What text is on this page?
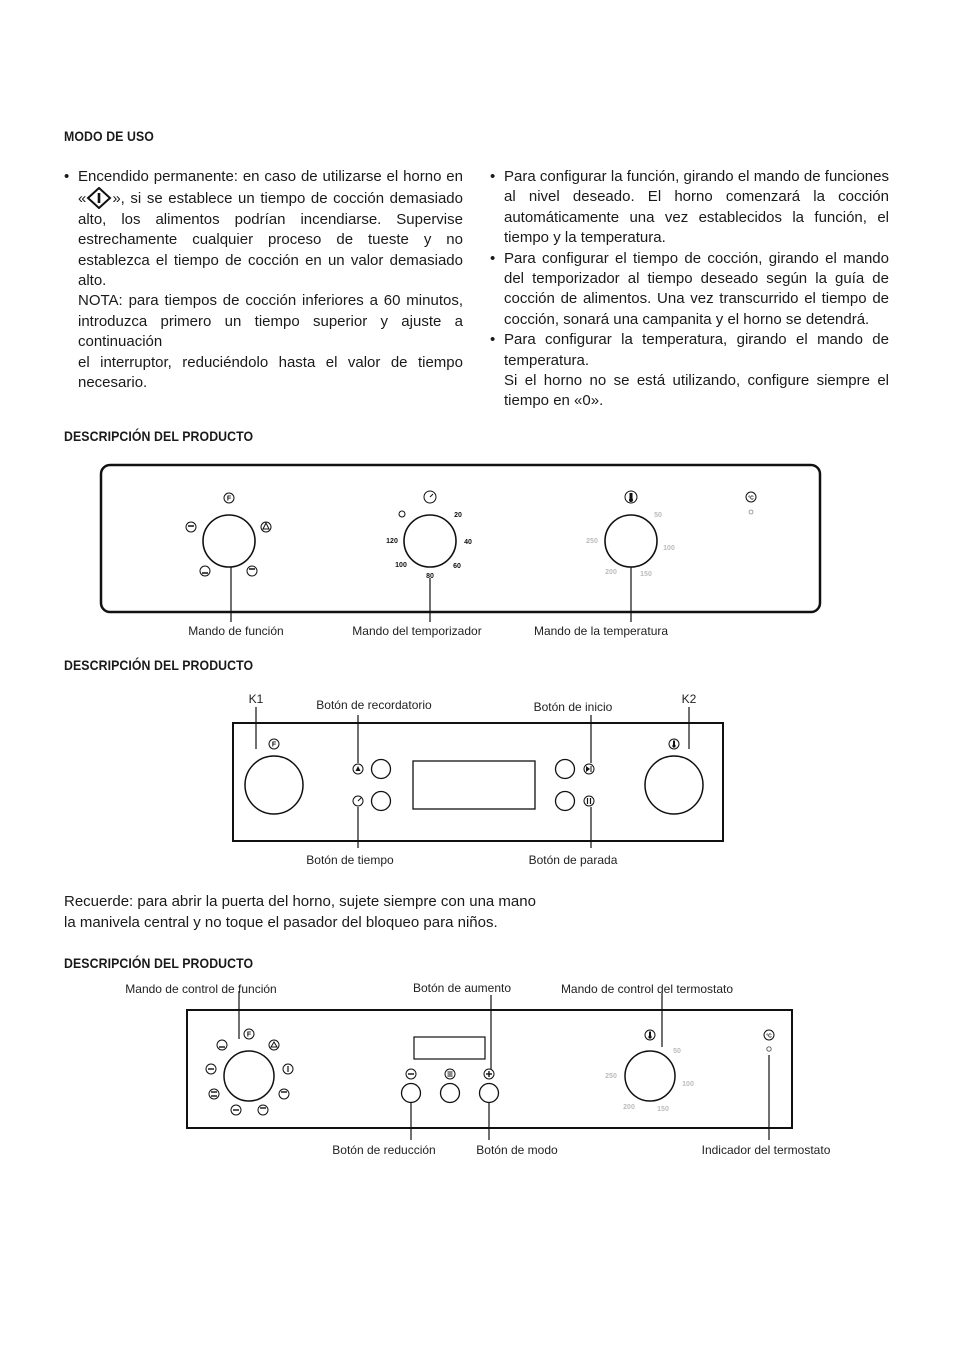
MODO DE USO
• Encendido permanente: en caso de utilizarse el horno en « », si se establece un tiempo de cocción demasiado alto, los alimentos podrían incendiarse. Supervise estrechamente cualquier proceso de tueste y no establezca el tiempo de cocción en un valor demasiado alto.

NOTA: para tiempos de cocción inferiores a 60 minutos, introduzca primero un tiempo superior y ajuste a continuación

el interruptor, reduciéndolo hasta el valor de tiempo necesario.

• Para configurar la función, girando el mando de funciones al nivel deseado. El horno comenzará la cocción automáticamente una vez establecidos la función, el tiempo y la temperatura.
• Para configurar el tiempo de cocción, girando el mando del temporizador al tiempo deseado según la guía de cocción de alimentos. Una vez transcurrido el tiempo de cocción, sonará una campanita y el horno se detendrá.
• Para configurar la temperatura, girando el mando de temperatura.

Si el horno no se está utilizando, configure siempre el tiempo en «0».

DESCRIPCIÓN DEL PRODUCTO
F
20
40
60
80
100
120
50
100
150
200
250
°C
Mando de función	Mando del temporizador	Mando de la temperatura
DESCRIPCIÓN DEL PRODUCTO
F
K1	Botón de recordatorio
Botón de tiempo
Botón de inicio
Botón de parada
K2
Recuerde: para abrir la puerta del horno, sujete siempre con una mano
la manivela central y no toque el pasador del bloqueo para niños.
DESCRIPCIÓN DEL PRODUCTO
F
Mando de control de función	Botón de aumento
Botón de reducción	Botón de modo
50
100
150
200
250
Mando de control del termostato
°C
Indicador del termostato
